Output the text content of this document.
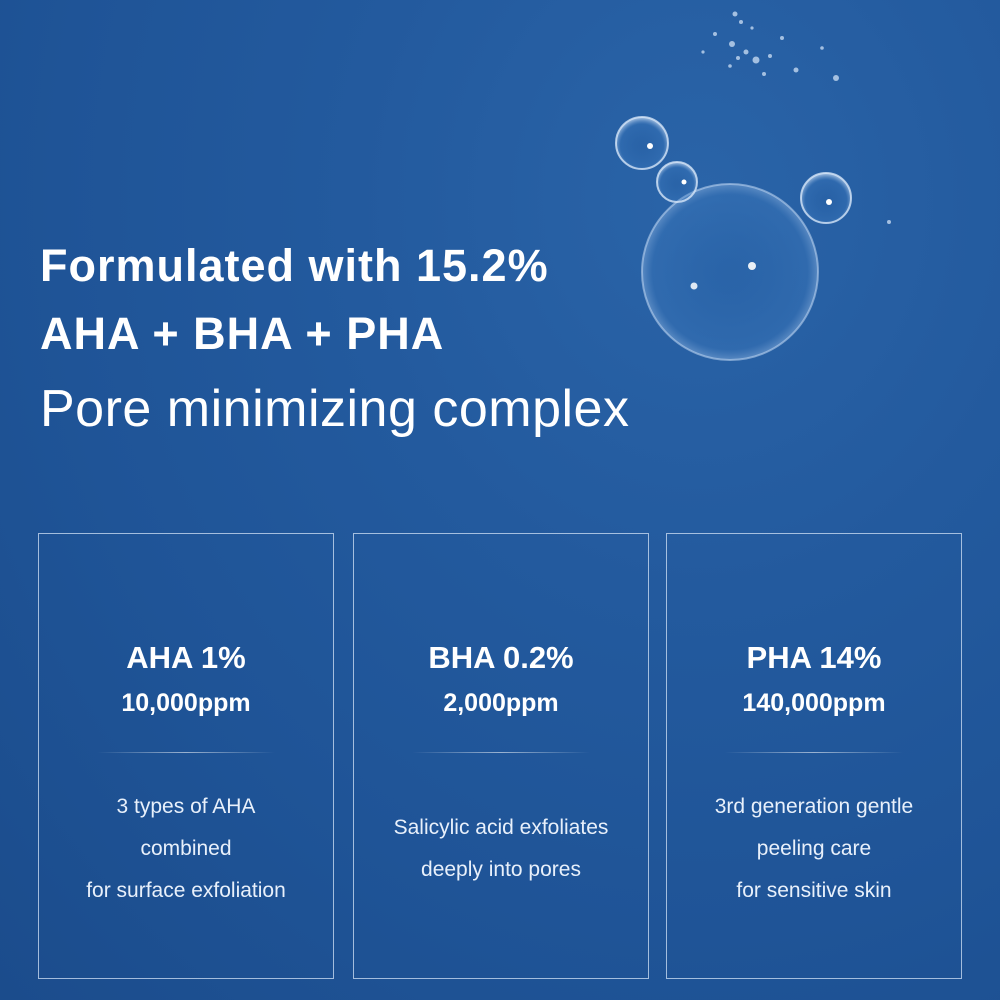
Formulated with 15.2%
AHA + BHA + PHA
Pore minimizing complex
AHA 1%
10,000ppm
3 types of AHA
combined
for surface exfoliation
BHA 0.2%
2,000ppm
Salicylic acid exfoliates
deeply into pores
PHA 14%
140,000ppm
3rd generation gentle
peeling care
for sensitive skin
